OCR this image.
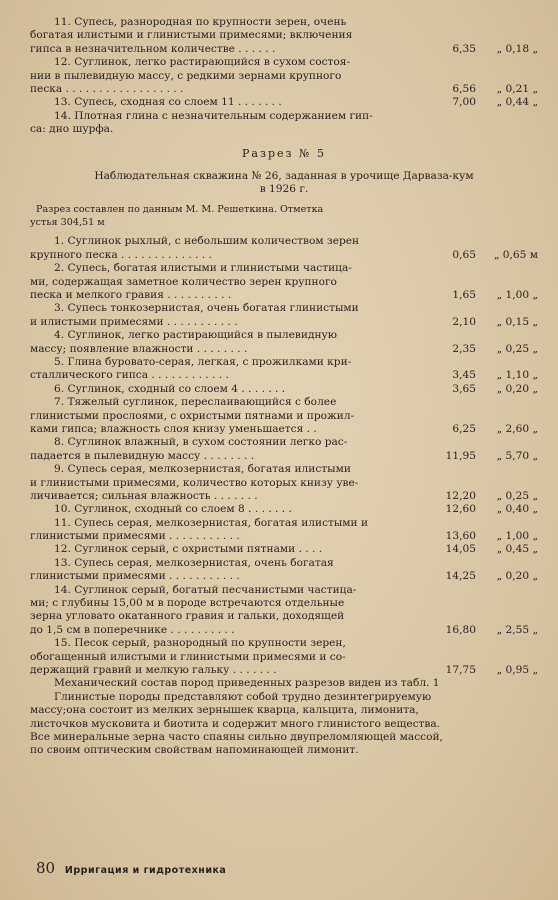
11. Супесь, разнородная по крупности зерен, очень
богатая илистыми и глинистыми примесями; включения
гипса в незначительном количестве . . . . . .	6,35 „ 0,18 „
12. Суглинок, легко растирающийся в сухом состоя-
нии в пылевидную массу, с редкими зернами крупного
песка . . . . . . . . . . . . . . . . . .	6,56 „ 0,21 „
13. Супесь, сходная со слоем 11 . . . . . . .	7,00 „ 0,44 „
14. Плотная глина с незначительным содержанием гип-
са: дно шурфа.
Разрез № 5
Наблюдательная скважина № 26, заданная в урочище Дарваза-кум
в 1926 г.
Разрез составлен по данным М. М. Решеткина. Отметка
устья 304,51 м
1. Суглинок рыхлый, с небольшим количеством зерен
крупного песка . . . . . . . . . . . . . .	0,65 „ 0,65 м
2. Супесь, богатая илистыми и глинистыми частица-
ми, содержащая заметное количество зерен крупного
песка и мелкого гравия . . . . . . . . . .	1,65 „ 1,00 „
3. Супесь тонкозернистая, очень богатая глинистыми
и илистыми примесями . . . . . . . . . . .	2,10 „ 0,15 „
4. Суглинок, легко растирающийся в пылевидную
массу; появление влажности . . . . . . . .	2,35 „ 0,25 „
5. Глина буровато-серая, легкая, с прожилками кри-
сталлического гипса . . . . . . . . . . . .	3,45 „ 1,10 „
6. Суглинок, сходный со слоем 4 . . . . . . .	3,65 „ 0,20 „
7. Тяжелый суглинок, переслаивающийся с более
глинистыми прослоями, с охристыми пятнами и прожил-
ками гипса; влажность слоя книзу уменьшается . .	6,25 „ 2,60 „
8. Суглинок влажный, в сухом состоянии легко рас-
падается в пылевидную массу . . . . . . . .	11,95 „ 5,70 „
9. Супесь серая, мелкозернистая, богатая илистыми
и глинистыми примесями, количество которых книзу уве-
личивается; сильная влажность . . . . . . .	12,20 „ 0,25 „
10. Суглинок, сходный со слоем 8 . . . . . . .	12,60 „ 0,40 „
11. Супесь серая, мелкозернистая, богатая илистыми и
глинистыми примесями . . . . . . . . . . .	13,60 „ 1,00 „
12. Суглинок серый, с охристыми пятнами . . . .	14,05 „ 0,45 „
13. Супесь серая, мелкозернистая, очень богатая
глинистыми примесями . . . . . . . . . . .	14,25 „ 0,20 „
14. Суглинок серый, богатый песчанистыми частица-
ми; с глубины 15,00 м в породе встречаются отдельные
зерна угловато окатанного гравия и гальки, доходящей
до 1,5 см в поперечнике . . . . . . . . . .	16,80 „ 2,55 „
15. Песок серый, разнородный по крупности зерен,
обогащенный илистыми и глинистыми примесями и со-
держащий гравий и мелкую гальку . . . . . . .	17,75 „ 0,95 „
Механический состав пород приведенных разрезов виден из табл. 1
Глинистые породы представляют собой трудно дезинтегрируемую
массу;она состоит из мелких зернышек кварца, кальцита, лимонита,
листочков мусковита и биотита и содержит много глинистого вещества.
Все минеральные зерна часто спаяны сильно двупреломляющей массой,
по своим оптическим свойствам напоминающей лимонит.
80 Ирригация и гидротехника
